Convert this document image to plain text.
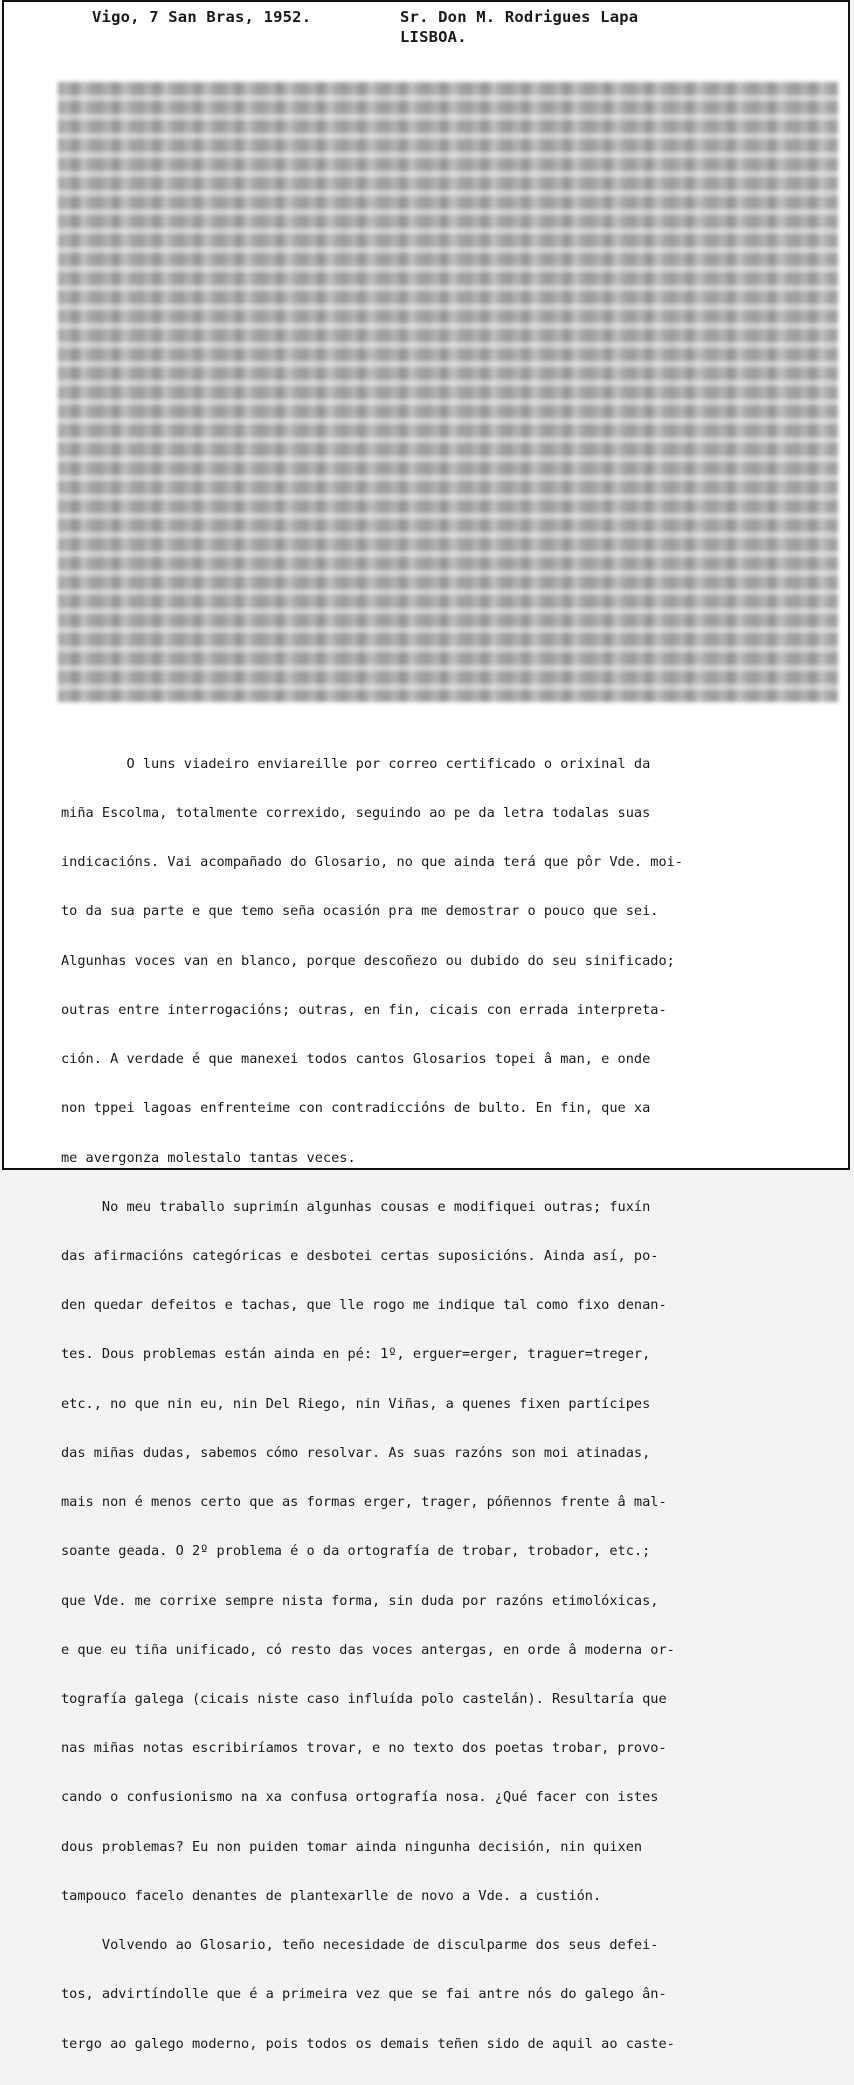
Vigo, 7 San Bras, 1952.	Sr. Don M. Rodrigues Lapa
LISBOA.

O luns viadeiro enviareille por correo certificado o orixinal da

miña Escolma, totalmente correxido, seguindo ao pe da letra todalas suas

indicacións. Vai acompañado do Glosario, no que ainda terá que pôr Vde. moi-

to da sua parte e que temo seña ocasión pra me demostrar o pouco que sei.

Algunhas voces van en blanco, porque descoñezo ou dubido do seu sinificado;

outras entre interrogacións; outras, en fin, cicais con errada interpreta-

ción. A verdade é que manexei todos cantos Glosarios topei â man, e onde

non tppei lagoas enfrenteime con contradiccións de bulto. En fin, que xa

me avergonza molestalo tantas veces.

No meu traballo suprimín algunhas cousas e modifiquei outras; fuxín

das afirmacións categóricas e desbotei certas suposicións. Ainda así, po-

den quedar defeitos e tachas, que lle rogo me indique tal como fixo denan-

tes. Dous problemas están ainda en pé: 1º, erguer=erger, traguer=treger,

etc., no que nin eu, nin Del Riego, nin Viñas, a quenes fixen partícipes

das miñas dudas, sabemos cómo resolvar. As suas razóns son moi atinadas,

mais non é menos certo que as formas erger, trager, póñennos frente â mal-

soante geada. O 2º problema é o da ortografía de trobar, trobador, etc.;

que Vde. me corrixe sempre nista forma, sin duda por razóns etimolóxicas,

e que eu tiña unificado, có resto das voces antergas, en orde â moderna or-

tografía galega (cicais niste caso influída polo castelán). Resultaría que

nas miñas notas escribiríamos trovar, e no texto dos poetas trobar, provo-

cando o confusionismo na xa confusa ortografía nosa. ¿Qué facer con istes

dous problemas? Eu non puiden tomar ainda ningunha decisión, nin quixen

tampouco facelo denantes de plantexarlle de novo a Vde. a custión.

Volvendo ao Glosario, teño necesidade de disculparme dos seus defei-

tos, advirtíndolle que é a primeira vez que se fai antre nós do galego ân-

tergo ao galego moderno, pois todos os demais teñen sido de aquil ao caste-
